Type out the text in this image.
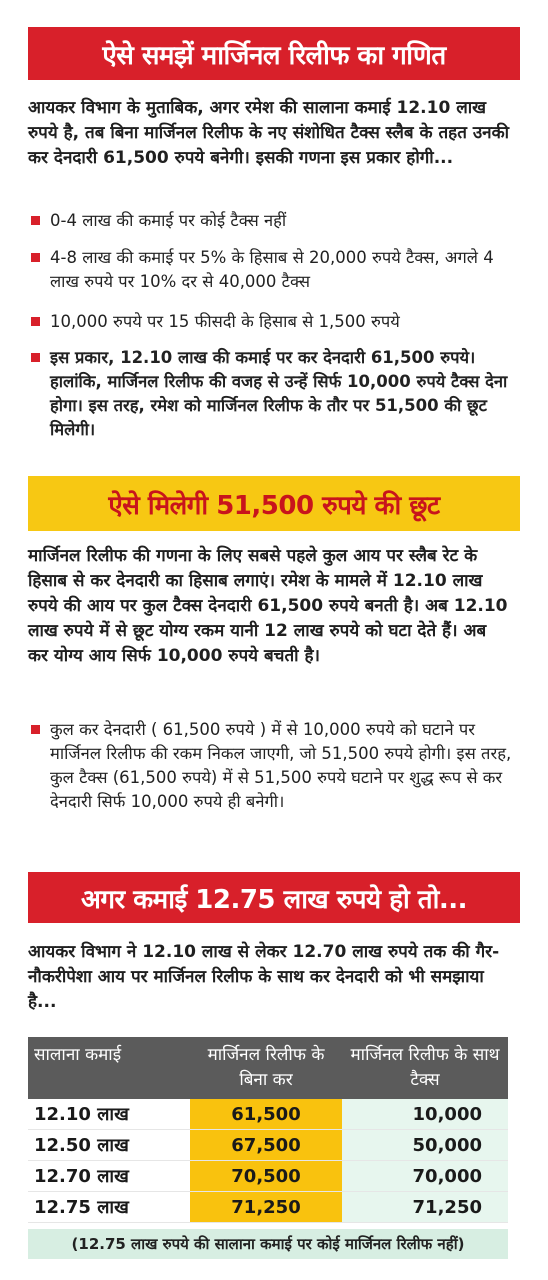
ऐसे समझें मार्जिनल रिलीफ का गणित
आयकर विभाग के मुताबिक, अगर रमेश की सालाना कमाई 12.10 लाख रुपये है, तब बिना मार्जिनल रिलीफ के नए संशोधित टैक्स स्लैब के तहत उनकी कर देनदारी 61,500 रुपये बनेगी। इसकी गणना इस प्रकार होगी...
0-4 लाख की कमाई पर कोई टैक्स नहीं
4-8 लाख की कमाई पर 5% के हिसाब से 20,000 रुपये टैक्स, अगले 4 लाख रुपये पर 10% दर से 40,000 टैक्स
10,000 रुपये पर 15 फीसदी के हिसाब से 1,500 रुपये
इस प्रकार, 12.10 लाख की कमाई पर कर देनदारी 61,500 रुपये। हालांकि, मार्जिनल रिलीफ की वजह से उन्हें सिर्फ 10,000 रुपये टैक्स देना होगा। इस तरह, रमेश को मार्जिनल रिलीफ के तौर पर 51,500 की छूट मिलेगी।
ऐसे मिलेगी 51,500 रुपये की छूट
मार्जिनल रिलीफ की गणना के लिए सबसे पहले कुल आय पर स्लैब रेट के हिसाब से कर देनदारी का हिसाब लगाएं। रमेश के मामले में 12.10 लाख रुपये की आय पर कुल टैक्स देनदारी 61,500 रुपये बनती है। अब 12.10 लाख रुपये में से छूट योग्य रकम यानी 12 लाख रुपये को घटा देते हैं। अब कर योग्य आय सिर्फ 10,000 रुपये बचती है।
कुल कर देनदारी ( 61,500 रुपये ) में से 10,000 रुपये को घटाने पर मार्जिनल रिलीफ की रकम निकल जाएगी, जो 51,500 रुपये होगी। इस तरह, कुल टैक्स (61,500 रुपये) में से 51,500 रुपये घटाने पर शुद्ध रूप से कर देनदारी सिर्फ 10,000 रुपये ही बनेगी।
अगर कमाई 12.75 लाख रुपये हो तो...
आयकर विभाग ने 12.10 लाख से लेकर 12.70 लाख रुपये तक की गैर-नौकरीपेशा आय पर मार्जिनल रिलीफ के साथ कर देनदारी को भी समझाया है...
सालाना कमाई	मार्जिनल रिलीफ के बिना कर	मार्जिनल रिलीफ के साथ टैक्स
12.10 लाख	61,500	10,000
12.50 लाख	67,500	50,000
12.70 लाख	70,500	70,000
12.75 लाख	71,250	71,250
(12.75 लाख रुपये की सालाना कमाई पर कोई मार्जिनल रिलीफ नहीं)
